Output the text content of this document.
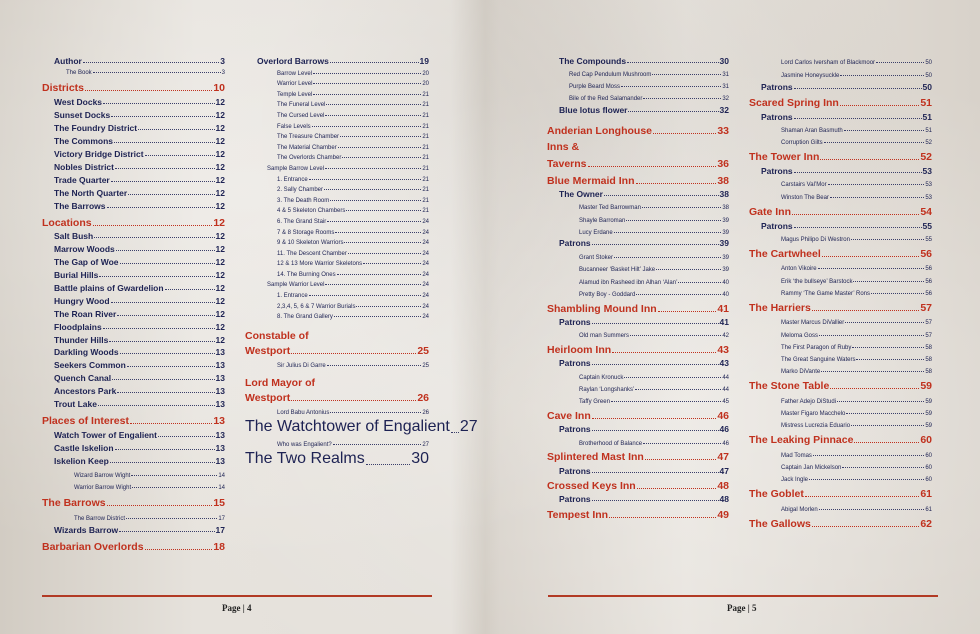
Author	3
The Book	3
Districts	10
West Docks	12
Sunset Docks	12
The Foundry District	12
The Commons	12
Victory Bridge District	12
Nobles District	12
Trade Quarter	12
The North Quarter	12
The Barrows	12
Locations	12
Salt Bush	12
Marrow Woods	12
The Gap of Woe	12
Burial Hills	12
Battle plains of Gwardelion	12
Hungry Wood	12
The Roan River	12
Floodplains	12
Thunder Hills	12
Darkling Woods	13
Seekers Common	13
Quench Canal	13
Ancestors Park	13
Trout Lake	13
Places of Interest	13
Watch Tower of Engalient	13
Castle Iskelion	13
Iskelion Keep	13
Wizard Barrow Wight	14
Warrior Barrow Wight	14
The Barrows	15
The Barrow District	17
Wizards Barrow	17
Barbarian Overlords	18
Overlord Barrows	19
Barrow Level	20
Warrior Level	20
Temple Level	21
The Funeral Level	21
The Cursed Level	21
False Levels	21
The Treasure Chamber	21
The Material Chamber	21
The Overlords Chamber	21
Sample Barrow Level	21
1. Entrance	21
2. Sally Chamber	21
3. The Death Room	21
4 & 5 Skeleton Chambers	21
6. The Grand Stair	24
7 & 8 Storage Rooms	24
9 & 10 Skeleton Warriors	24
11. The Descent Chamber	24
12 & 13 More Warrior Skeletons	24
14. The Burning Ones	24
Sample Warrior Level	24
1. Entrance	24
2,3,4, 5, 6 & 7 Warrior Burials	24
8. The Grand Gallery	24
Constable of
Westport	25
Sir Julius Di Garre	25
Lord Mayor of
Westport	26
Lord Babu Antonius	26
The Watchtower of Engalient 27
Who was Engalient?	27
The Two Realms	30
The Compounds	30
Red Cap Pendulum Mushroom	31
Purple Beard Moss	31
Bile of the Red Salamander	32
Blue lotus flower	32
Anderian Longhouse	33
Inns &
Taverns	36
Blue Mermaid Inn	38
The Owner	38
Master Ted Barrowman	38
Shayle Barroman	39
Lucy Erdane	39
Patrons	39
Grant Stoker	39
Bucanneer ‘Basket Hilt’ Jake	39
Alamud ibn Rasheed ibn Alhan ‘Alan’	40
Pretty Boy - Goddard	40
Shambling Mound Inn	41
Patrons	41
Old man Summers	42
Heirloom Inn	43
Patrons	43
Captain Kronuck	44
Raylan ‘Longshanks’	44
Taffy Green	45
Cave Inn	46
Patrons	46
Brotherhood of Balance	46
Splintered Mast Inn	47
Patrons	47
Crossed Keys Inn	48
Patrons	48
Tempest Inn	49
Lord Carlos Iversham of Blackmoor	50
Jasmine Honeysuckle	50
Patrons	50
Scared Spring Inn	51
Patrons	51
Shaman Aran Basmuth	51
Corruption Gilts	52
The Tower Inn	52
Patrons	53
Carstairs Val’Mor	53
Winston The Bear	53
Gate Inn	54
Patrons	55
Magus Philipo Di Westron	55
The Cartwheel	56
Anton Vikoire	56
Erik ‘the bullseye’ Barstock	56
Rammy ‘The Game Master’ Rons	56
The Harriers	57
Master Marcus DiVallier	57
Meloma Goss	57
The First Paragon of Ruby	58
The Great Sanguine Waters	58
Marko DiVante	58
The Stone Table	59
Father Adejo DiStudi	59
Master Figaro Macchelo	59
Mistress Lucrezia Eduario	59
The Leaking Pinnace	60
Mad Tomas	60
Captain Jan Mickelson	60
Jack Ingle	60
The Goblet	61
Abigal Morlen	61
The Gallows	62
Page | 4	Page | 5
